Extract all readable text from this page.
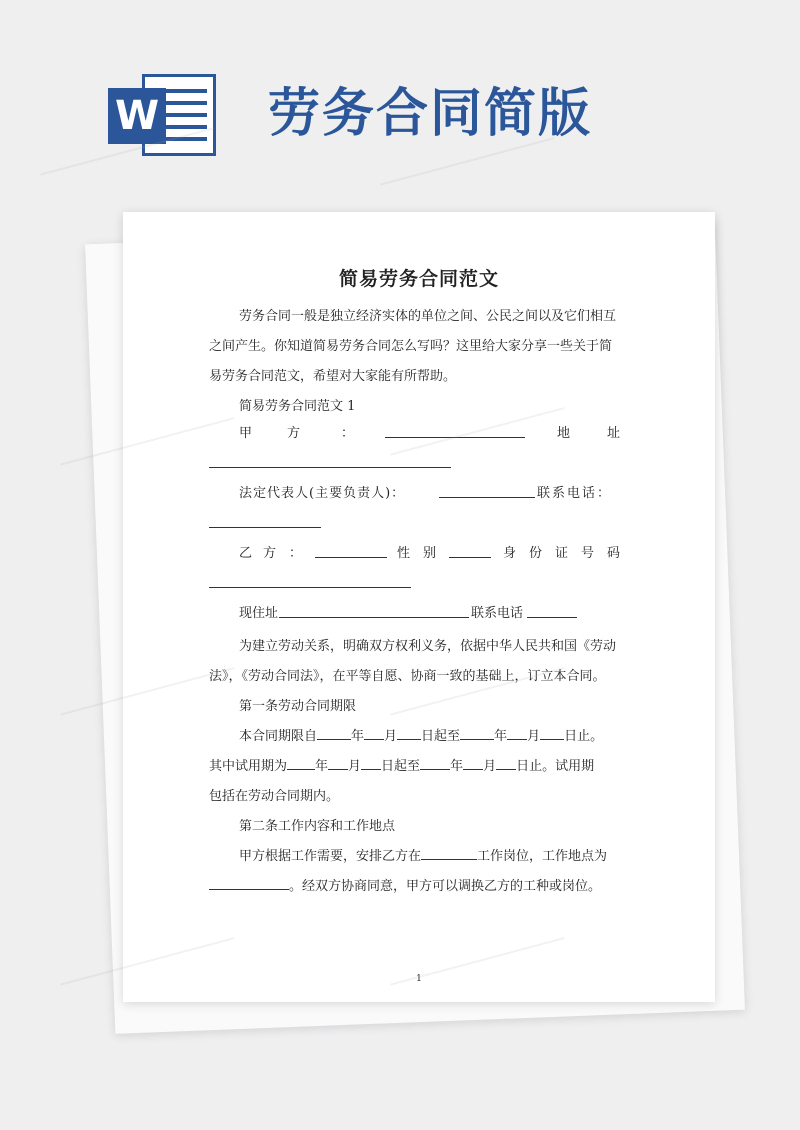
W 劳务合同简版
简易劳务合同范文

劳务合同一般是独立经济实体的单位之间、公民之间以及它们相互之间产生。你知道简易劳务合同怎么写吗？这里给大家分享一些关于简易劳务合同范文，希望对大家能有所帮助。

简易劳务合同范文 1

甲	方	：	地	址
法定代表人(主要负责人)：	联系电话：
乙 方 ：	性 别	身 份 证 号 码
现住址	联系电话

为建立劳动关系，明确双方权利义务，依据中华人民共和国《劳动法》，《劳动合同法》，在平等自愿、协商一致的基础上，订立本合同。

第一条劳动合同期限

本合同期限自	年 月 日起至	年 月 日止。

其中试用期为 年 月 日起至 年 月 日止。试用期

包括在劳动合同期内。

第二条工作内容和工作地点

甲方根据工作需要，安排乙方在	工作岗位，工作地点为

。经双方协商同意，甲方可以调换乙方的工种或岗位。

1
